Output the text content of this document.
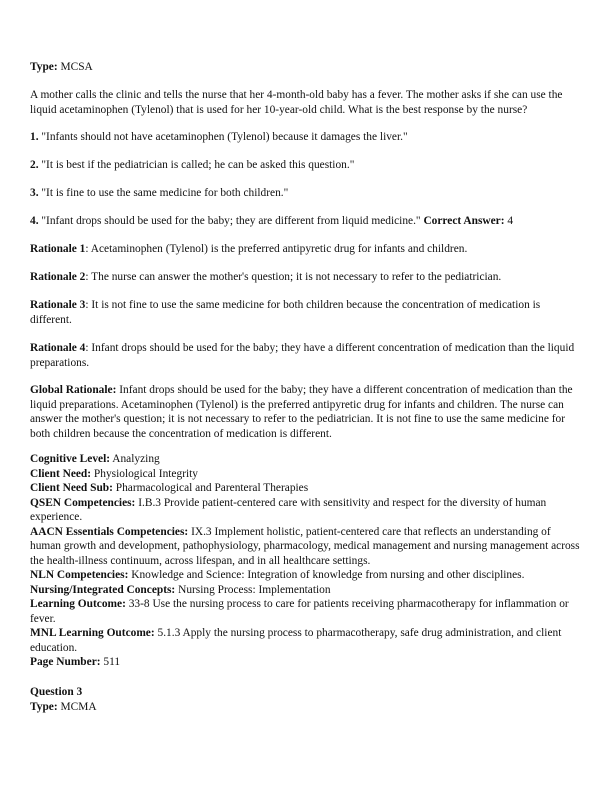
Type: MCSA
A mother calls the clinic and tells the nurse that her 4-month-old baby has a fever. The mother asks if she can use the liquid acetaminophen (Tylenol) that is used for her 10-year-old child. What is the best response by the nurse?
1. "Infants should not have acetaminophen (Tylenol) because it damages the liver."
2. "It is best if the pediatrician is called; he can be asked this question."
3. "It is fine to use the same medicine for both children."
4. "Infant drops should be used for the baby; they are different from liquid medicine." Correct Answer: 4
Rationale 1: Acetaminophen (Tylenol) is the preferred antipyretic drug for infants and children.
Rationale 2: The nurse can answer the mother's question; it is not necessary to refer to the pediatrician.
Rationale 3: It is not fine to use the same medicine for both children because the concentration of medication is different.
Rationale 4: Infant drops should be used for the baby; they have a different concentration of medication than the liquid preparations.
Global Rationale: Infant drops should be used for the baby; they have a different concentration of medication than the liquid preparations. Acetaminophen (Tylenol) is the preferred antipyretic drug for infants and children. The nurse can answer the mother's question; it is not necessary to refer to the pediatrician. It is not fine to use the same medicine for both children because the concentration of medication is different.
Cognitive Level: Analyzing
Client Need: Physiological Integrity
Client Need Sub: Pharmacological and Parenteral Therapies
QSEN Competencies: I.B.3 Provide patient-centered care with sensitivity and respect for the diversity of human experience.
AACN Essentials Competencies: IX.3 Implement holistic, patient-centered care that reflects an understanding of human growth and development, pathophysiology, pharmacology, medical management and nursing management across the health-illness continuum, across lifespan, and in all healthcare settings.
NLN Competencies: Knowledge and Science: Integration of knowledge from nursing and other disciplines.
Nursing/Integrated Concepts: Nursing Process: Implementation
Learning Outcome: 33-8 Use the nursing process to care for patients receiving pharmacotherapy for inflammation or fever.
MNL Learning Outcome: 5.1.3 Apply the nursing process to pharmacotherapy, safe drug administration, and client education.
Page Number: 511
Question 3
Type: MCMA
